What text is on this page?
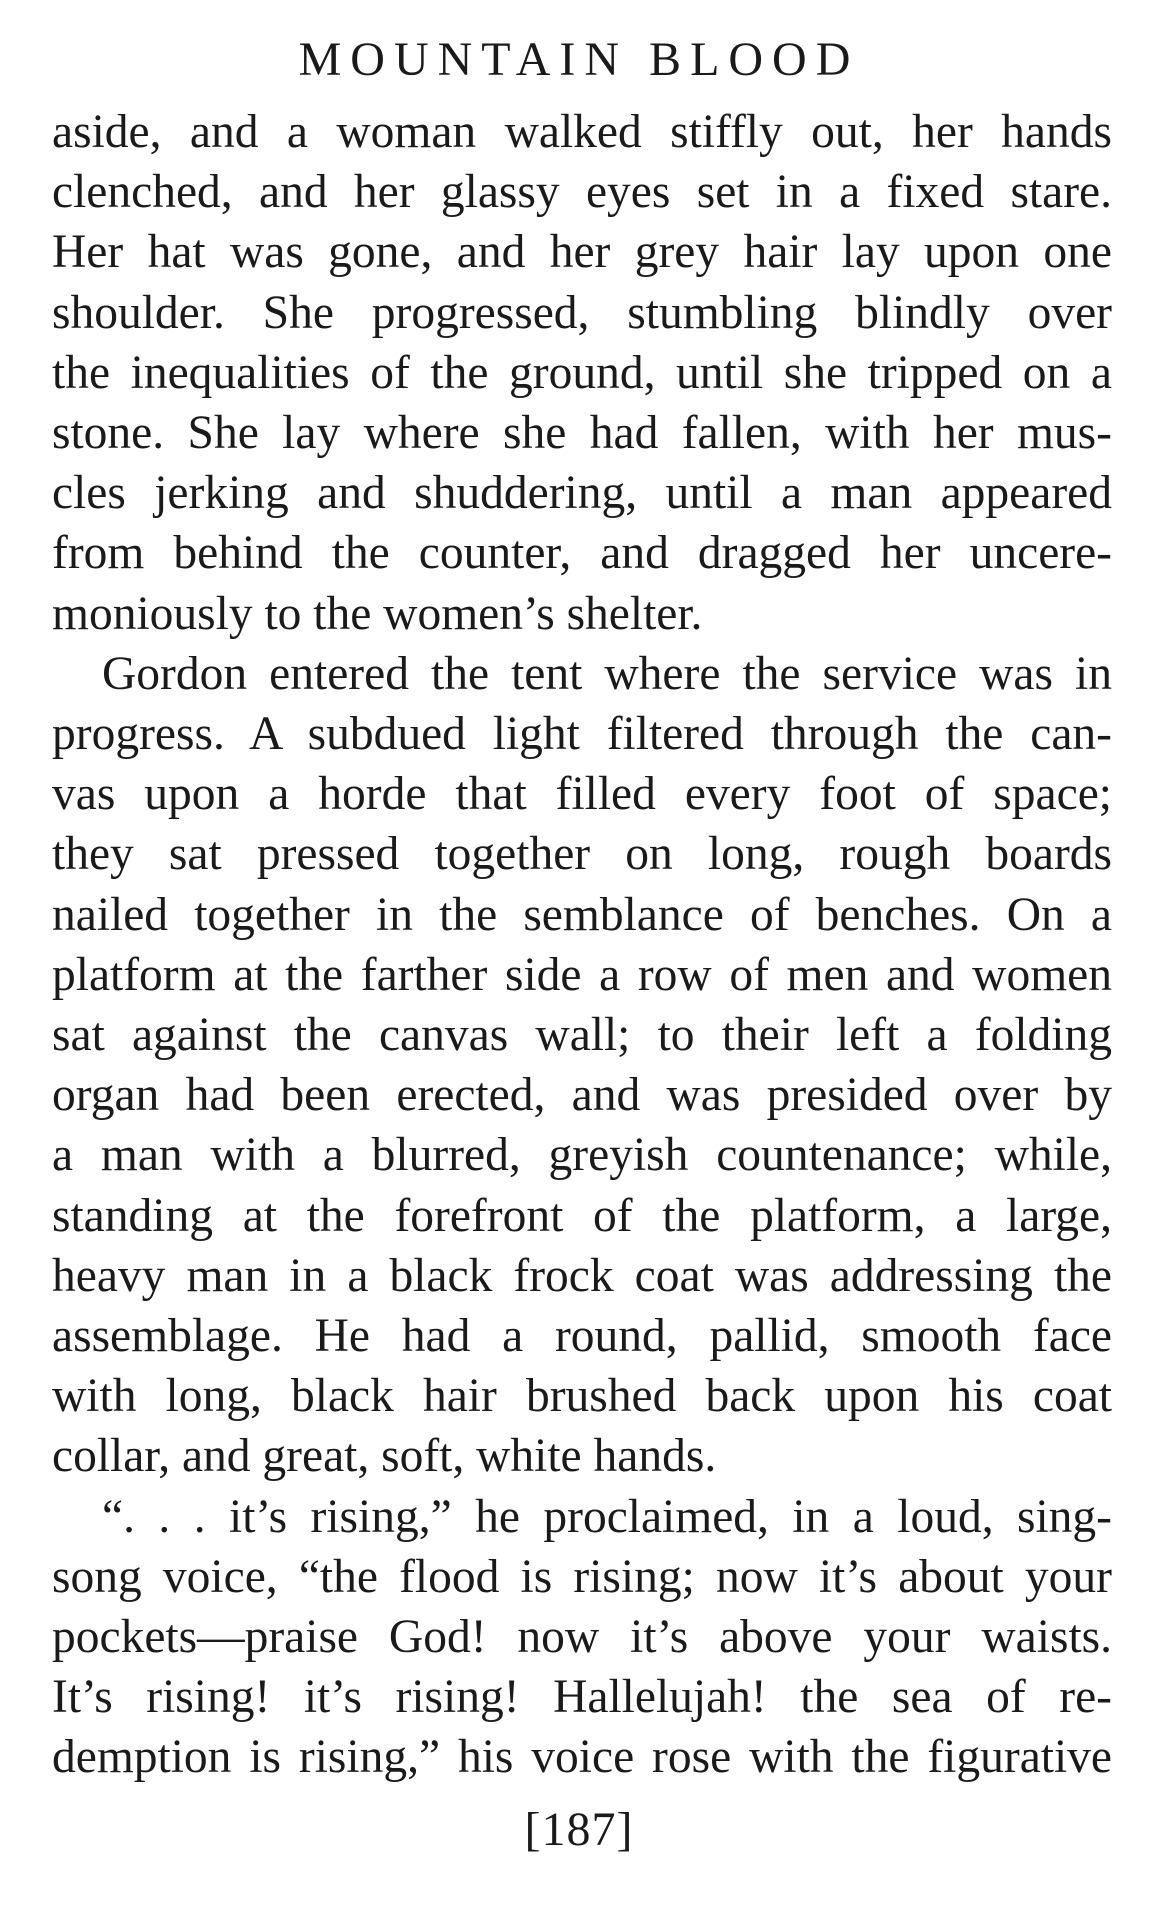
MOUNTAIN BLOOD

aside, and a woman walked stiffly out, her hands
clenched, and her glassy eyes set in a fixed stare.
Her hat was gone, and her grey hair lay upon one
shoulder. She progressed, stumbling blindly over
the inequalities of the ground, until she tripped on a
stone. She lay where she had fallen, with her mus-
cles jerking and shuddering, until a man appeared
from behind the counter, and dragged her uncere-
moniously to the women’s shelter.

Gordon entered the tent where the service was in
progress. A subdued light filtered through the can-
vas upon a horde that filled every foot of space;
they sat pressed together on long, rough boards
nailed together in the semblance of benches. On a
platform at the farther side a row of men and women
sat against the canvas wall; to their left a folding
organ had been erected, and was presided over by
a man with a blurred, greyish countenance; while,
standing at the forefront of the platform, a large,
heavy man in a black frock coat was addressing the
assemblage. He had a round, pallid, smooth face
with long, black hair brushed back upon his coat
collar, and great, soft, white hands.

“. . . it’s rising,” he proclaimed, in a loud, sing-
song voice, “the flood is rising; now it’s about your
pockets—praise God! now it’s above your waists.
It’s rising! it’s rising! Hallelujah! the sea of re-
demption is rising,” his voice rose with the figurative

[187]
